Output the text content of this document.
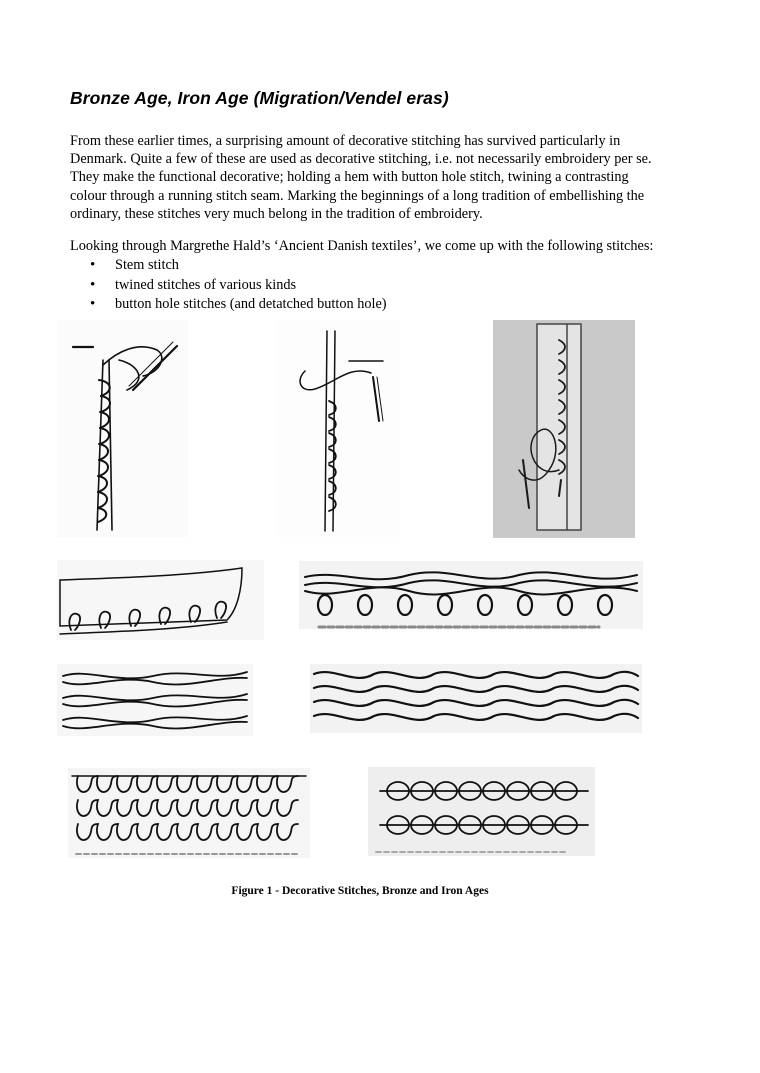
Bronze Age, Iron Age (Migration/Vendel eras)

From these earlier times, a surprising amount of decorative stitching has survived particularly in
Denmark. Quite a few of these are used as decorative stitching, i.e. not necessarily embroidery per se.
They make the functional decorative; holding a hem with button hole stitch, twining a contrasting
colour through a running stitch seam. Marking the beginnings of a long tradition of embellishing the
ordinary, these stitches very much belong in the tradition of embroidery.

Looking through Margrethe Hald’s ‘Ancient Danish textiles’, we come up with the following stitches:

• Stem stitch
• twined stitches of various kinds
• button hole stitches (and detatched button hole)

Figure 1 - Decorative Stitches, Bronze and Iron Ages
